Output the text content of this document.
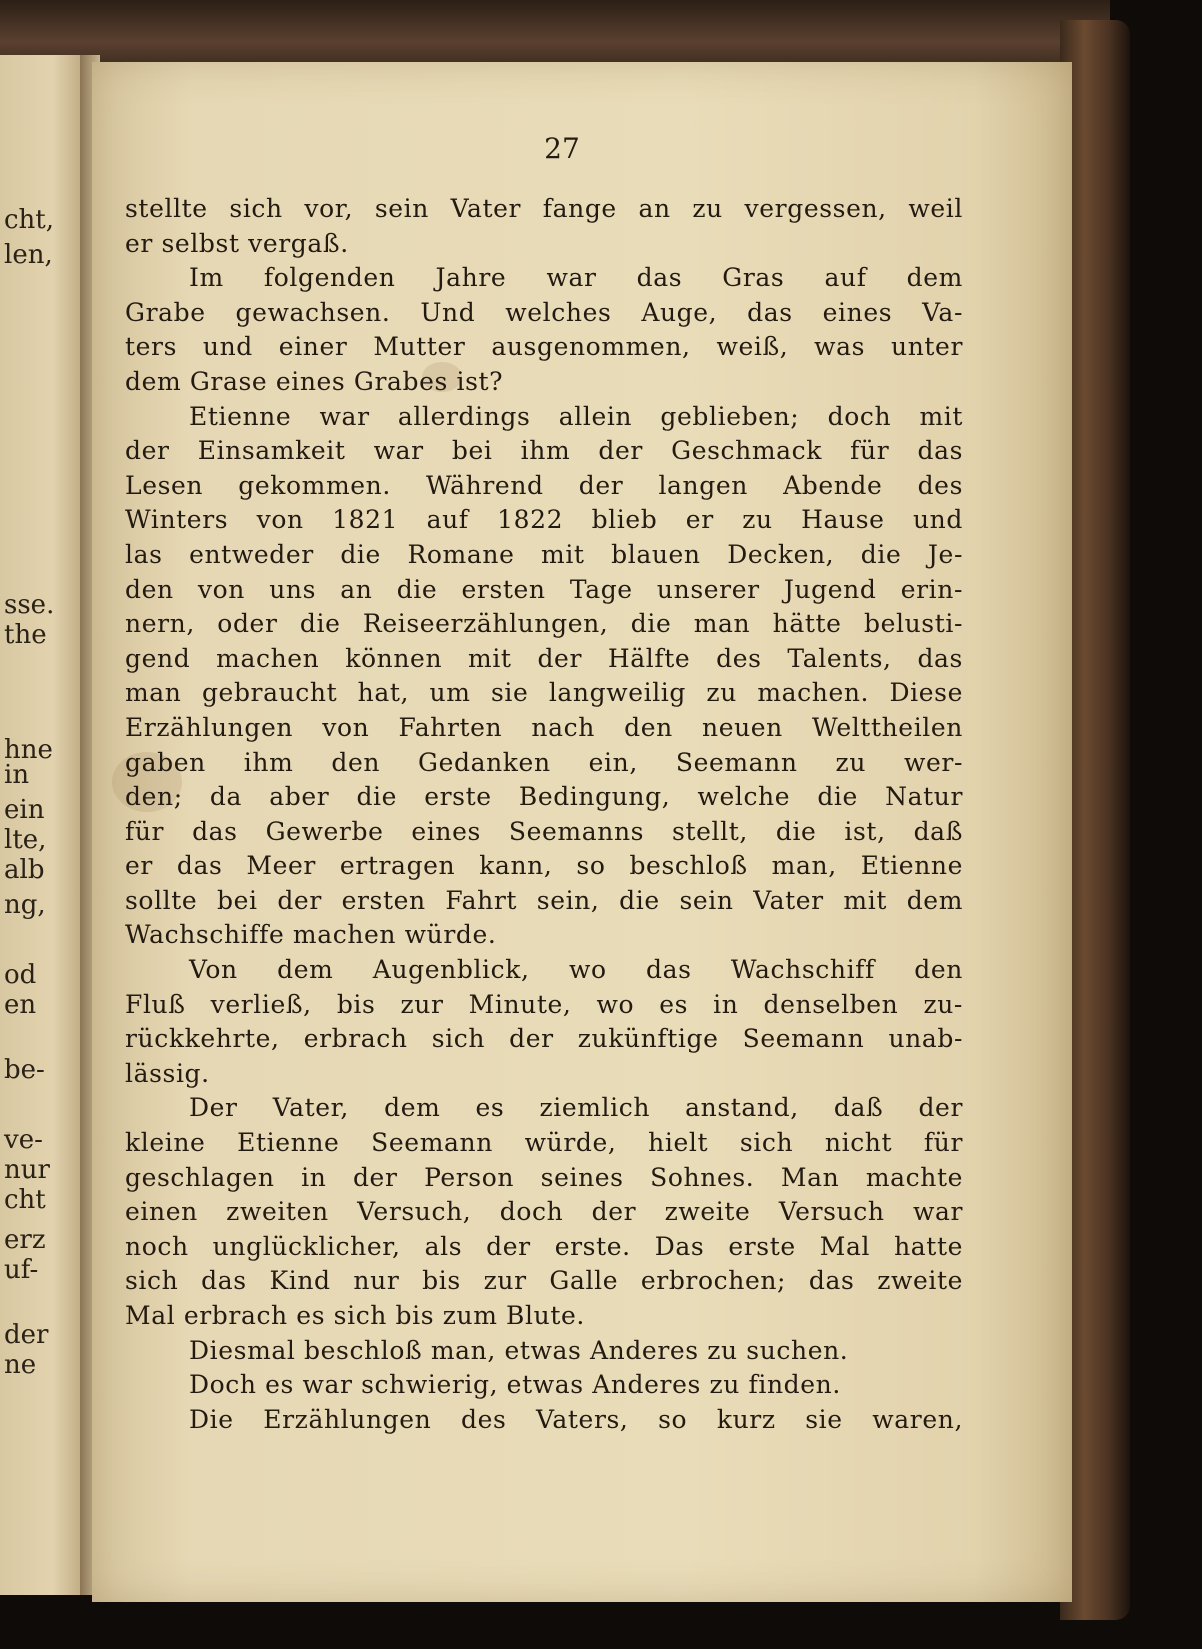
cht,
len,
sse.
the
hne
in
ein
lte,
alb
ng,
od
en
be-
ve-
nur
cht
erz
uf-
der
ne
27
stellte sich vor, sein Vater fange an zu vergessen, weil
er selbst vergaß.
Im folgenden Jahre war das Gras auf dem
Grabe gewachsen. Und welches Auge, das eines Va-
ters und einer Mutter ausgenommen, weiß, was unter
dem Grase eines Grabes ist?
Etienne war allerdings allein geblieben; doch mit
der Einsamkeit war bei ihm der Geschmack für das
Lesen gekommen. Während der langen Abende des
Winters von 1821 auf 1822 blieb er zu Hause und
las entweder die Romane mit blauen Decken, die Je-
den von uns an die ersten Tage unserer Jugend erin-
nern, oder die Reiseerzählungen, die man hätte belusti-
gend machen können mit der Hälfte des Talents, das
man gebraucht hat, um sie langweilig zu machen. Diese
Erzählungen von Fahrten nach den neuen Welttheilen
gaben ihm den Gedanken ein, Seemann zu wer-
den; da aber die erste Bedingung, welche die Natur
für das Gewerbe eines Seemanns stellt, die ist, daß
er das Meer ertragen kann, so beschloß man, Etienne
sollte bei der ersten Fahrt sein, die sein Vater mit dem
Wachschiffe machen würde.
Von dem Augenblick, wo das Wachschiff den
Fluß verließ, bis zur Minute, wo es in denselben zu-
rückkehrte, erbrach sich der zukünftige Seemann unab-
lässig.
Der Vater, dem es ziemlich anstand, daß der
kleine Etienne Seemann würde, hielt sich nicht für
geschlagen in der Person seines Sohnes. Man machte
einen zweiten Versuch, doch der zweite Versuch war
noch unglücklicher, als der erste. Das erste Mal hatte
sich das Kind nur bis zur Galle erbrochen; das zweite
Mal erbrach es sich bis zum Blute.
Diesmal beschloß man, etwas Anderes zu suchen.
Doch es war schwierig, etwas Anderes zu finden.
Die Erzählungen des Vaters, so kurz sie waren,
